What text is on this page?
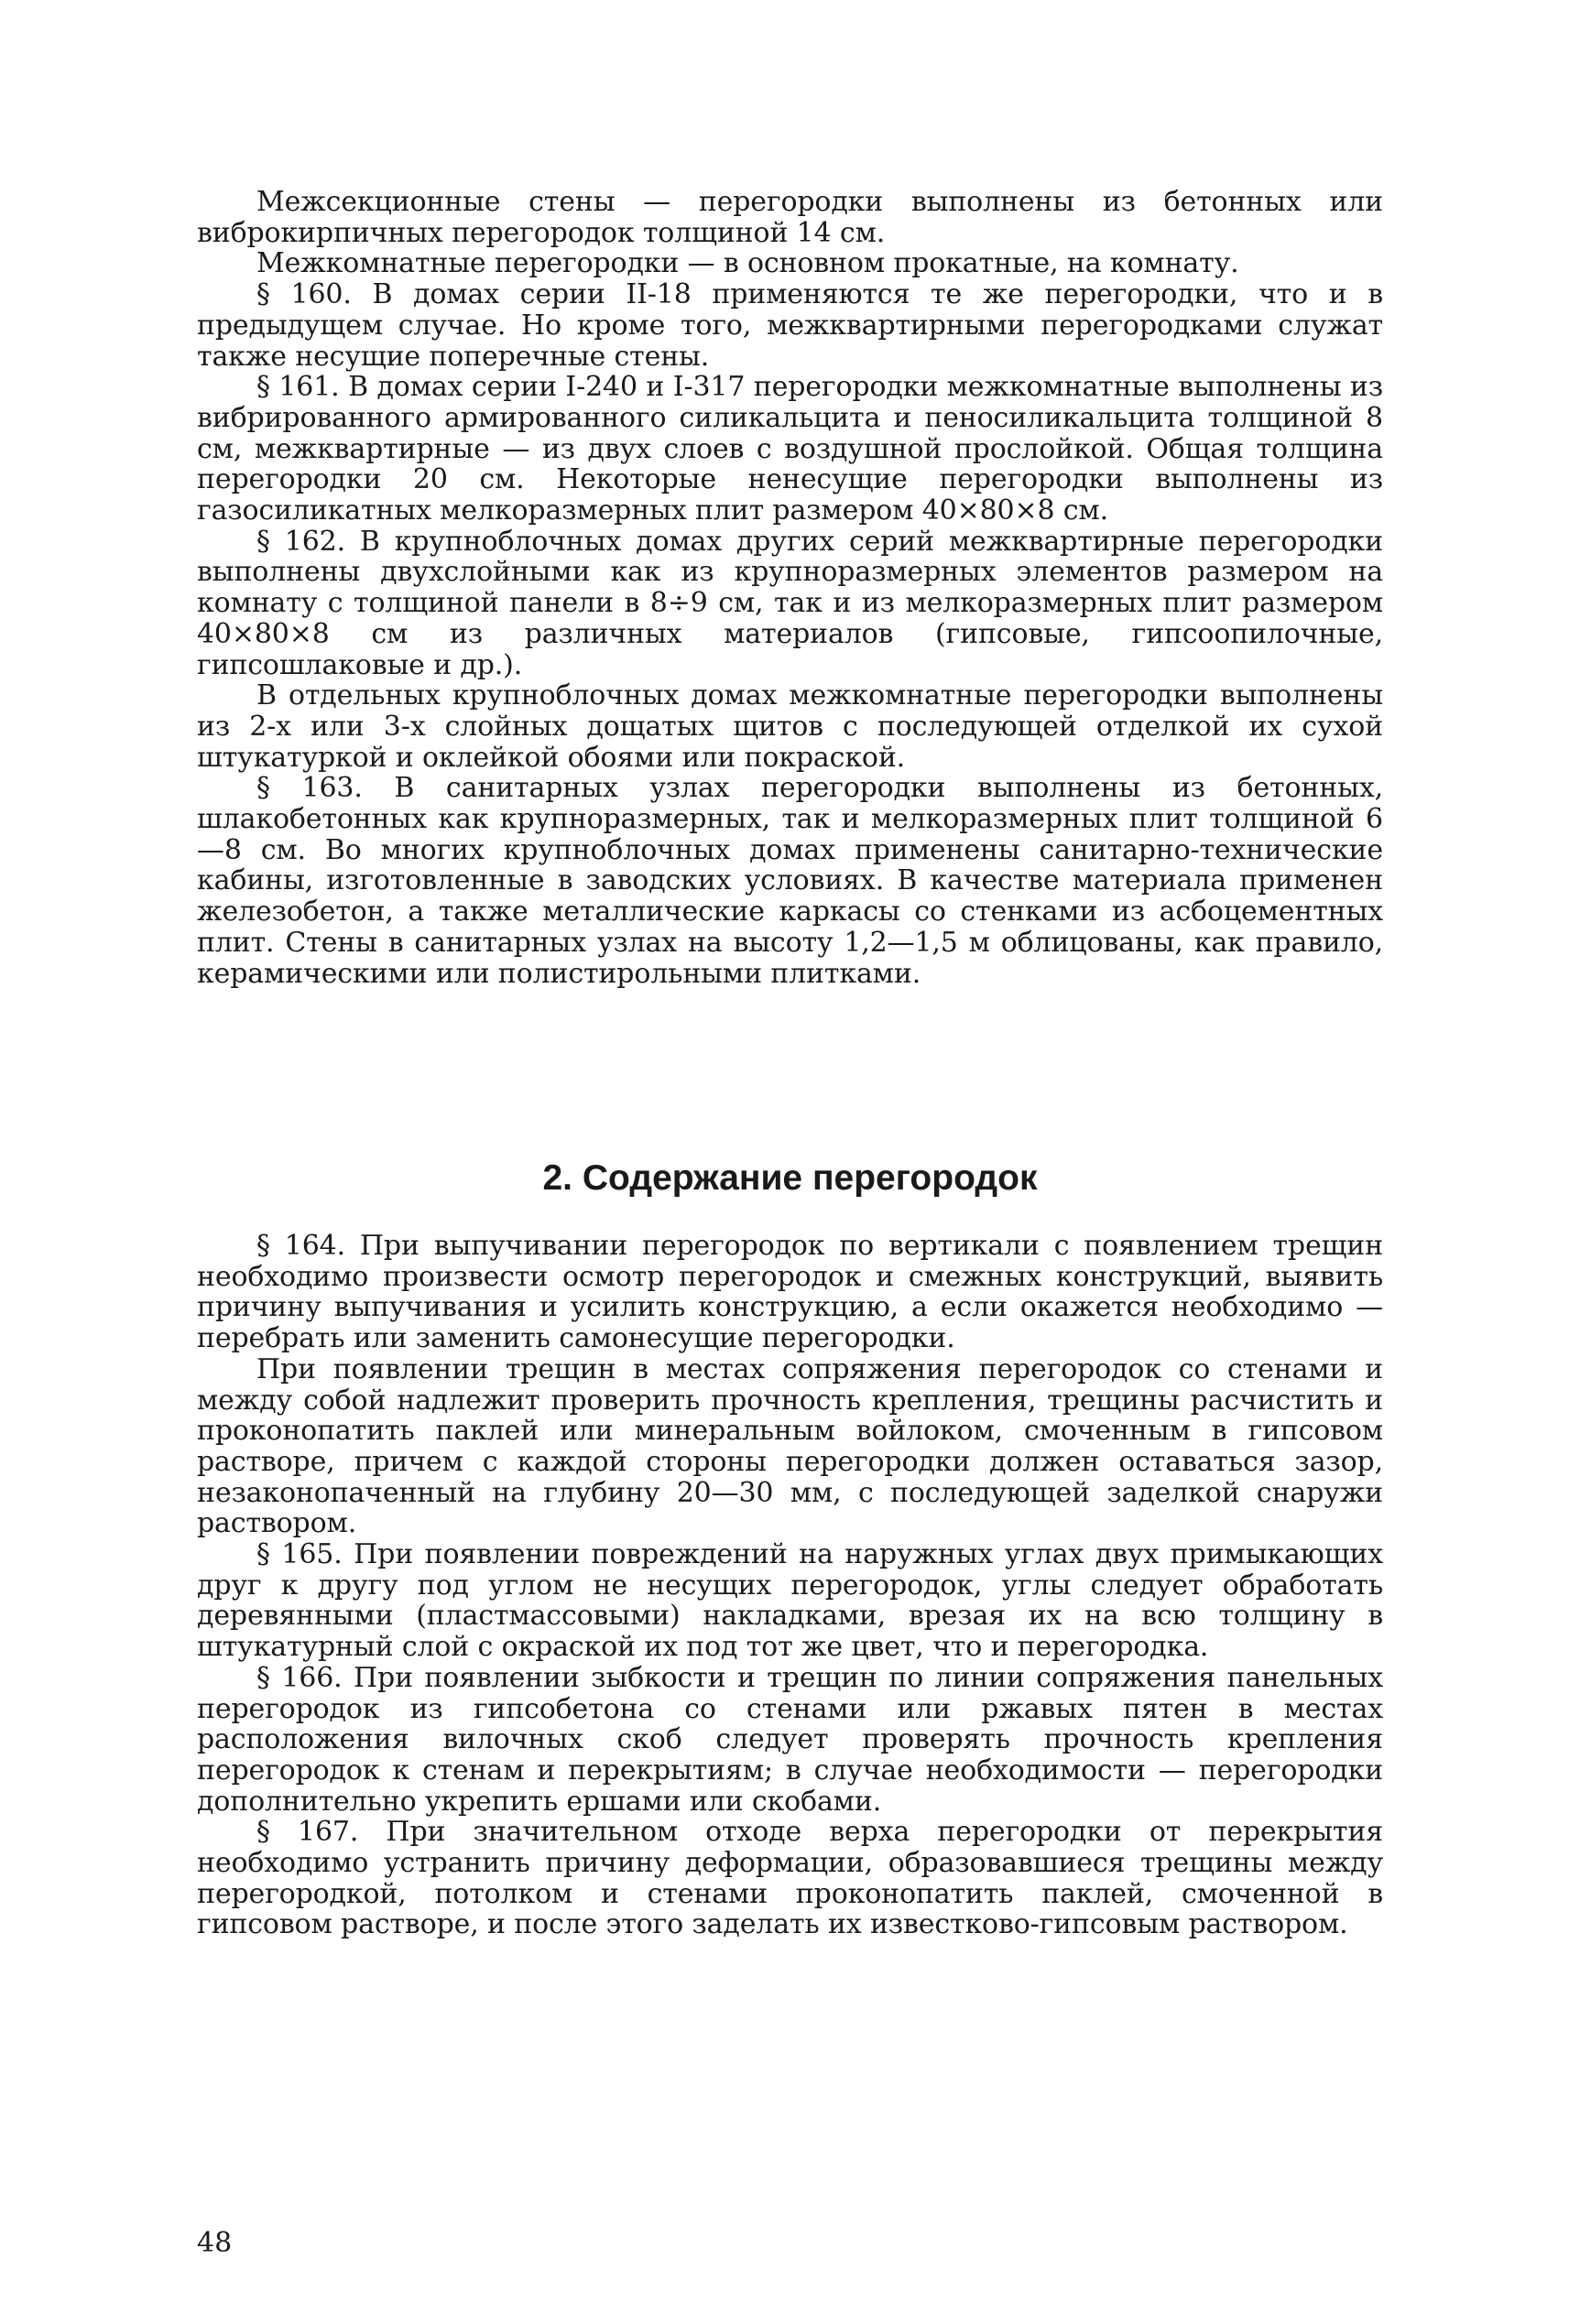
Межсекционные стены — перегородки выполнены из бетонных или виброкирпичных перегородок толщиной 14 см.

Межкомнатные перегородки — в основном прокатные, на комнату.

§ 160. В домах серии II-18 применяются те же перегородки, что и в предыдущем случае. Но кроме того, межквартирными перегородками служат также несущие поперечные стены.

§ 161. В домах серии I-240 и I-317 перегородки межкомнатные выполнены из вибрированного армированного силикальцита и пеносиликальцита толщиной 8 см, межквартирные — из двух слоев с воздушной прослойкой. Общая толщина перегородки 20 см. Некоторые ненесущие перегородки выполнены из газосиликатных мелкоразмерных плит размером 40×80×8 см.

§ 162. В крупноблочных домах других серий межквартирные перегородки выполнены двухслойными как из крупноразмерных элементов размером на комнату с толщиной панели в 8÷9 см, так и из мелкоразмерных плит размером 40×80×8 см из различных материалов (гипсовые, гипсоопилочные, гипсошлаковые и др.).

В отдельных крупноблочных домах межкомнатные перегородки выполнены из 2-х или 3-х слойных дощатых щитов с последующей отделкой их сухой штукатуркой и оклейкой обоями или покраской.

§ 163. В санитарных узлах перегородки выполнены из бетонных, шлакобетонных как крупноразмерных, так и мелкоразмерных плит толщиной 6—8 см. Во многих крупноблочных домах применены санитарно-технические кабины, изготовленные в заводских условиях. В качестве материала применен железобетон, а также металлические каркасы со стенками из асбоцементных плит. Стены в санитарных узлах на высоту 1,2—1,5 м облицованы, как правило, керамическими или полистирольными плитками.

2. Содержание перегородок

§ 164. При выпучивании перегородок по вертикали с появлением трещин необходимо произвести осмотр перегородок и смежных конструкций, выявить причину выпучивания и усилить конструкцию, а если окажется необходимо — перебрать или заменить самонесущие перегородки.

При появлении трещин в местах сопряжения перегородок со стенами и между собой надлежит проверить прочность крепления, трещины расчистить и проконопатить паклей или минеральным войлоком, смоченным в гипсовом растворе, причем с каждой стороны перегородки должен оставаться зазор, незаконопаченный на глубину 20—30 мм, с последующей заделкой снаружи раствором.

§ 165. При появлении повреждений на наружных углах двух примыкающих друг к другу под углом не несущих перегородок, углы следует обработать деревянными (пластмассовыми) накладками, врезая их на всю толщину в штукатурный слой с окраской их под тот же цвет, что и перегородка.

§ 166. При появлении зыбкости и трещин по линии сопряжения панельных перегородок из гипсобетона со стенами или ржавых пятен в местах расположения вилочных скоб следует проверять прочность крепления перегородок к стенам и перекрытиям; в случае необходимости — перегородки дополнительно укрепить ершами или скобами.

§ 167. При значительном отходе верха перегородки от перекрытия необходимо устранить причину деформации, образовавшиеся трещины между перегородкой, потолком и стенами проконопатить паклей, смоченной в гипсовом растворе, и после этого заделать их известково-гипсовым раствором.

48
